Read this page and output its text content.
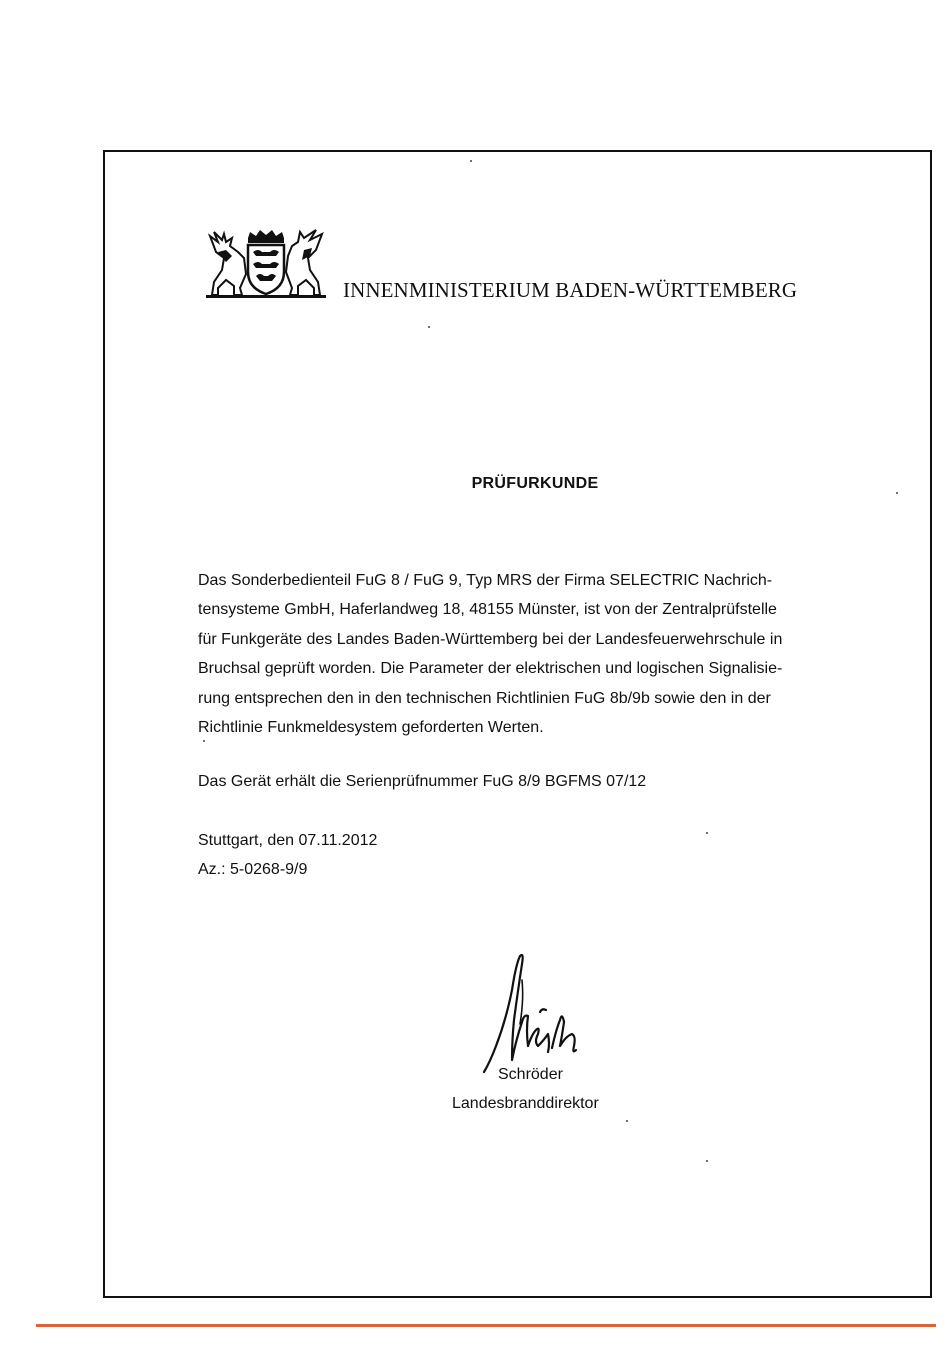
INNENMINISTERIUM BADEN-WÜRTTEMBERG
PRÜFURKUNDE
Das Sonderbedienteil FuG 8 / FuG 9, Typ MRS der Firma SELECTRIC Nachrich-
tensysteme GmbH, Haferlandweg 18, 48155 Münster, ist von der Zentralprüfstelle
für Funkgeräte des Landes Baden-Württemberg bei der Landesfeuerwehrschule in
Bruchsal geprüft worden. Die Parameter der elektrischen und logischen Signalisie-
rung entsprechen den in den technischen Richtlinien FuG 8b/9b sowie den in der
Richtlinie Funkmeldesystem geforderten Werten.
Das Gerät erhält die Serienprüfnummer FuG 8/9 BGFMS 07/12
Stuttgart, den 07.11.2012
Az.: 5-0268-9/9
Schröder
Landesbranddirektor
